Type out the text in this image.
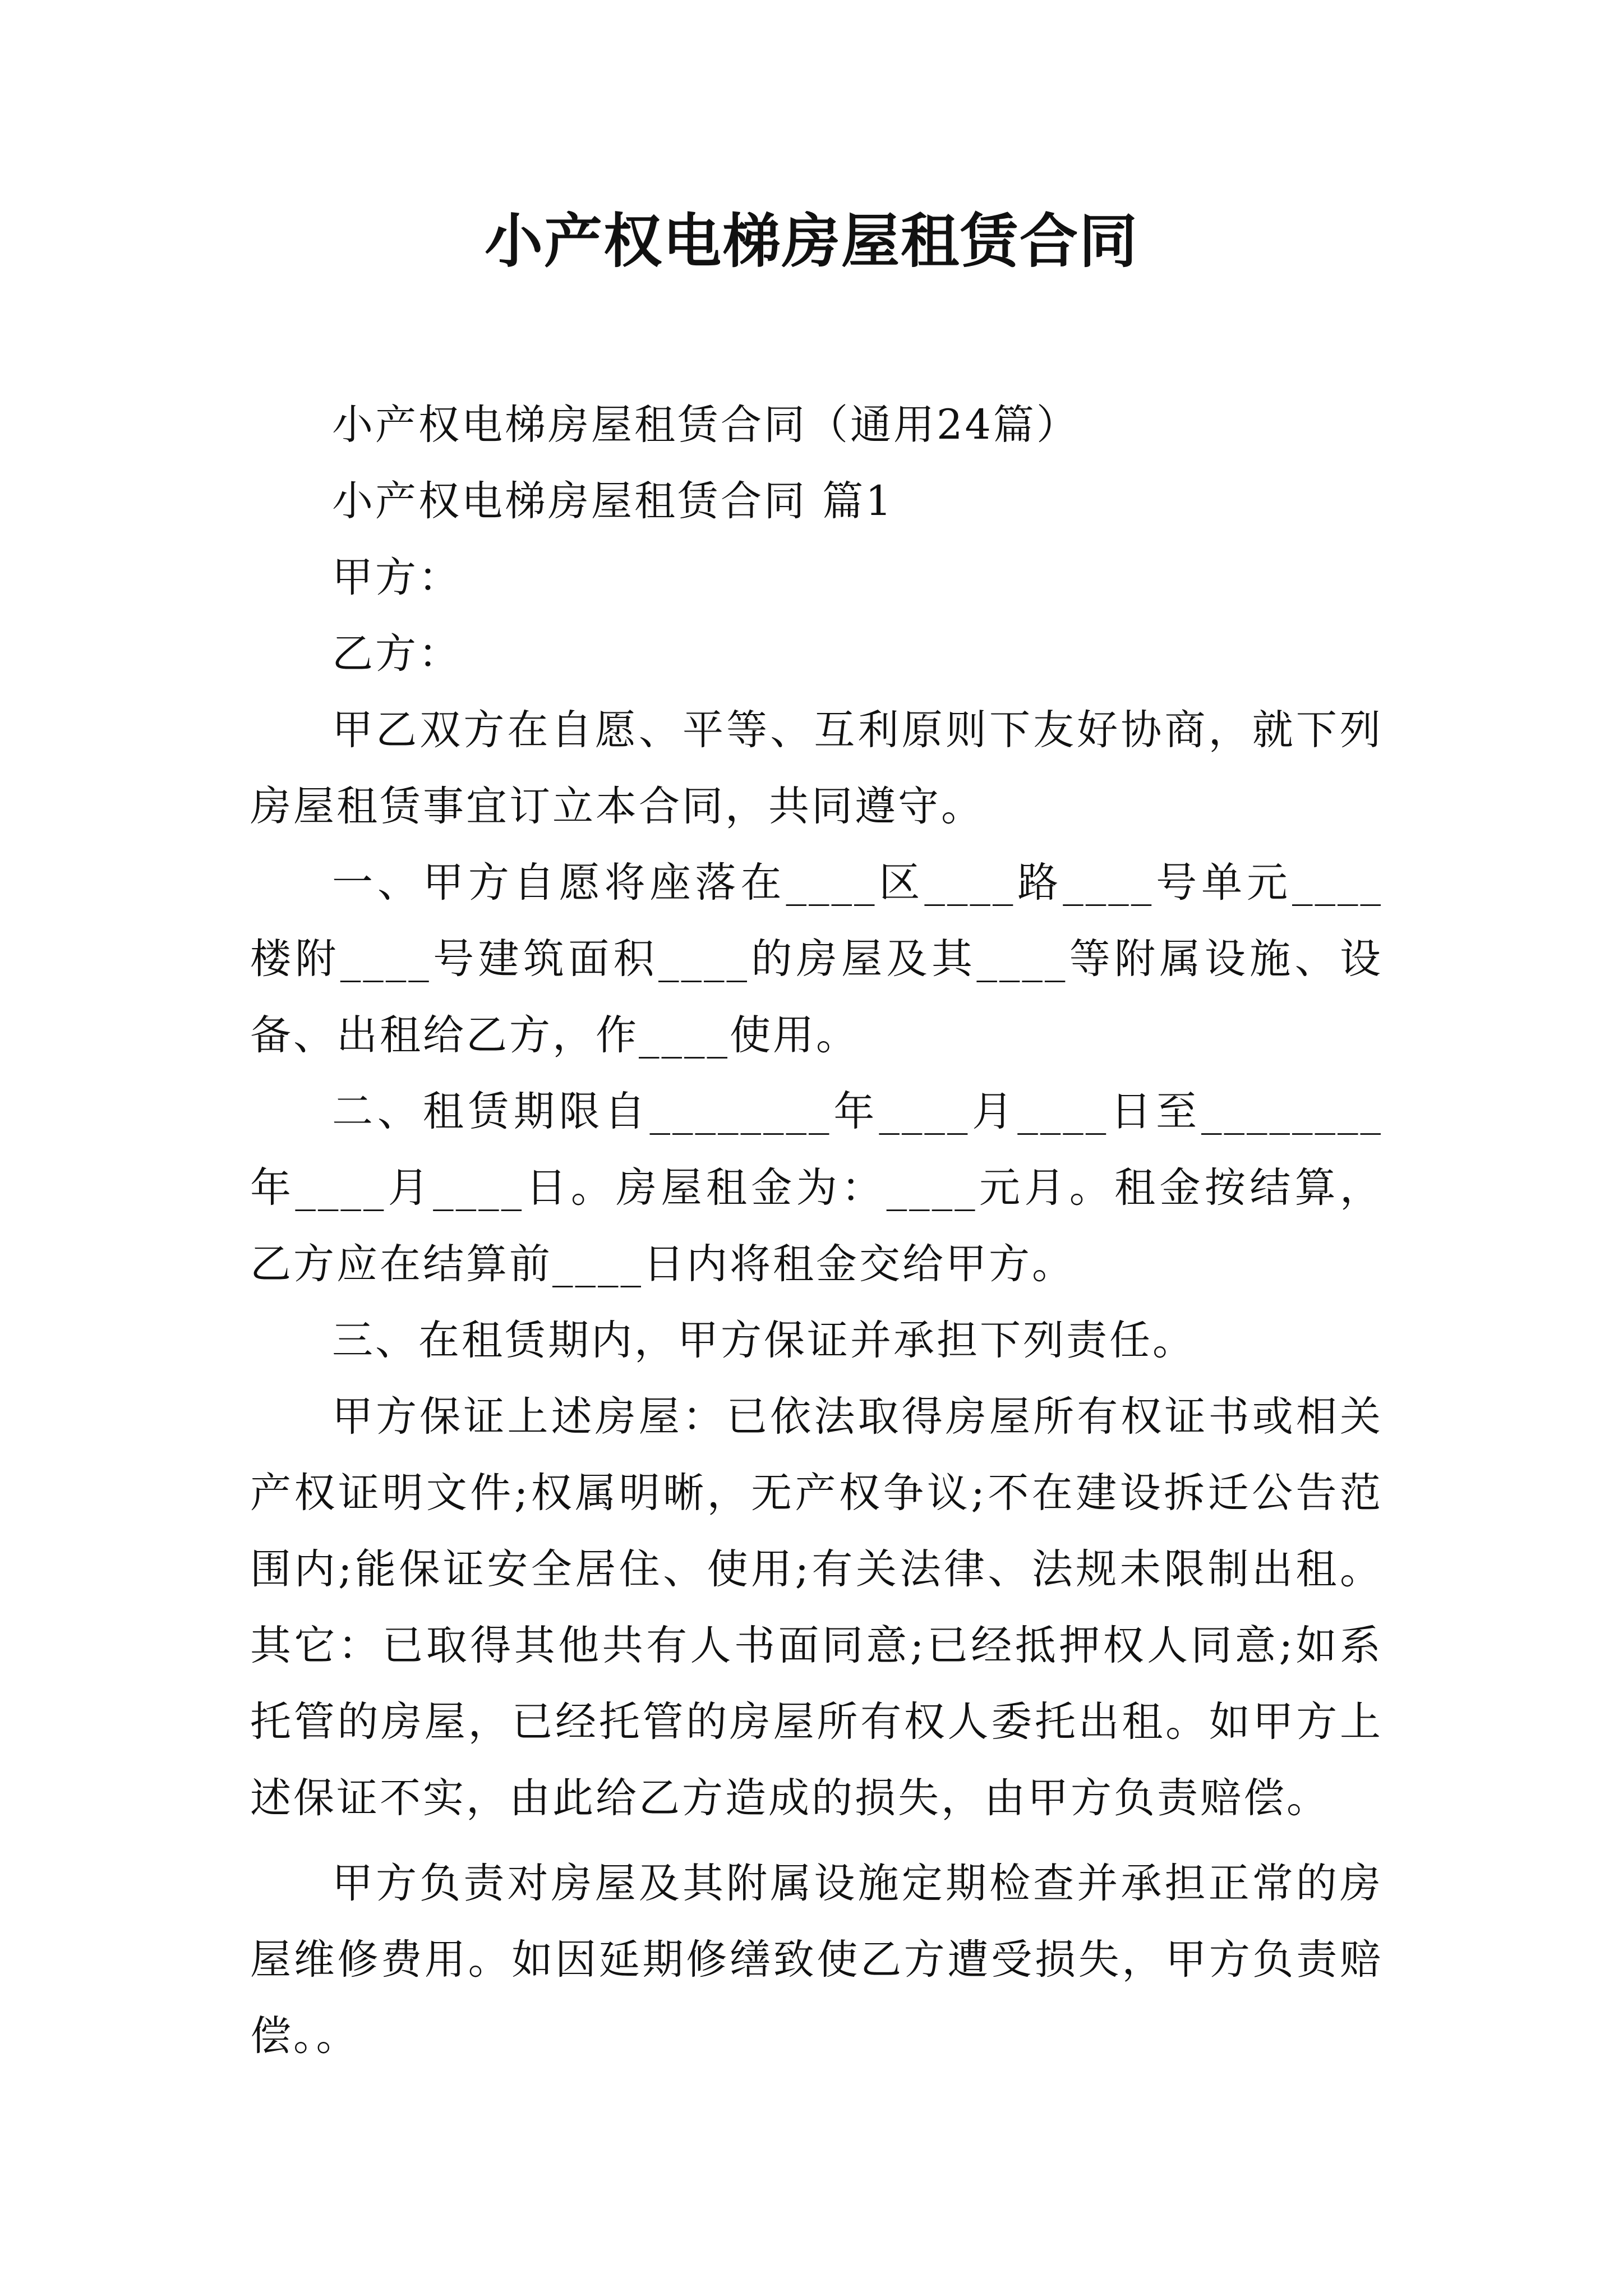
小产权电梯房屋租赁合同

小产权电梯房屋租赁合同（通用24篇）

小产权电梯房屋租赁合同 篇1

甲方：

乙方：

甲乙双方在自愿、平等、互利原则下友好协商，就下列房屋租赁事宜订立本合同，共同遵守。

一、甲方自愿将座落在____区____路____号单元____楼附____号建筑面积____的房屋及其____等附属设施、设备、出租给乙方，作____使用。

二、租赁期限自________年____月____日至________年____月____日。房屋租金为：____元月。租金按结算，乙方应在结算前____日内将租金交给甲方。

三、在租赁期内，甲方保证并承担下列责任。

甲方保证上述房屋：已依法取得房屋所有权证书或相关产权证明文件;权属明晰，无产权争议;不在建设拆迁公告范围内;能保证安全居住、使用;有关法律、法规未限制出租。其它：已取得其他共有人书面同意;已经抵押权人同意;如系托管的房屋，已经托管的房屋所有权人委托出租。如甲方上述保证不实，由此给乙方造成的损失，由甲方负责赔偿。

甲方负责对房屋及其附属设施定期检查并承担正常的房屋维修费用。如因延期修缮致使乙方遭受损失，甲方负责赔偿。。
